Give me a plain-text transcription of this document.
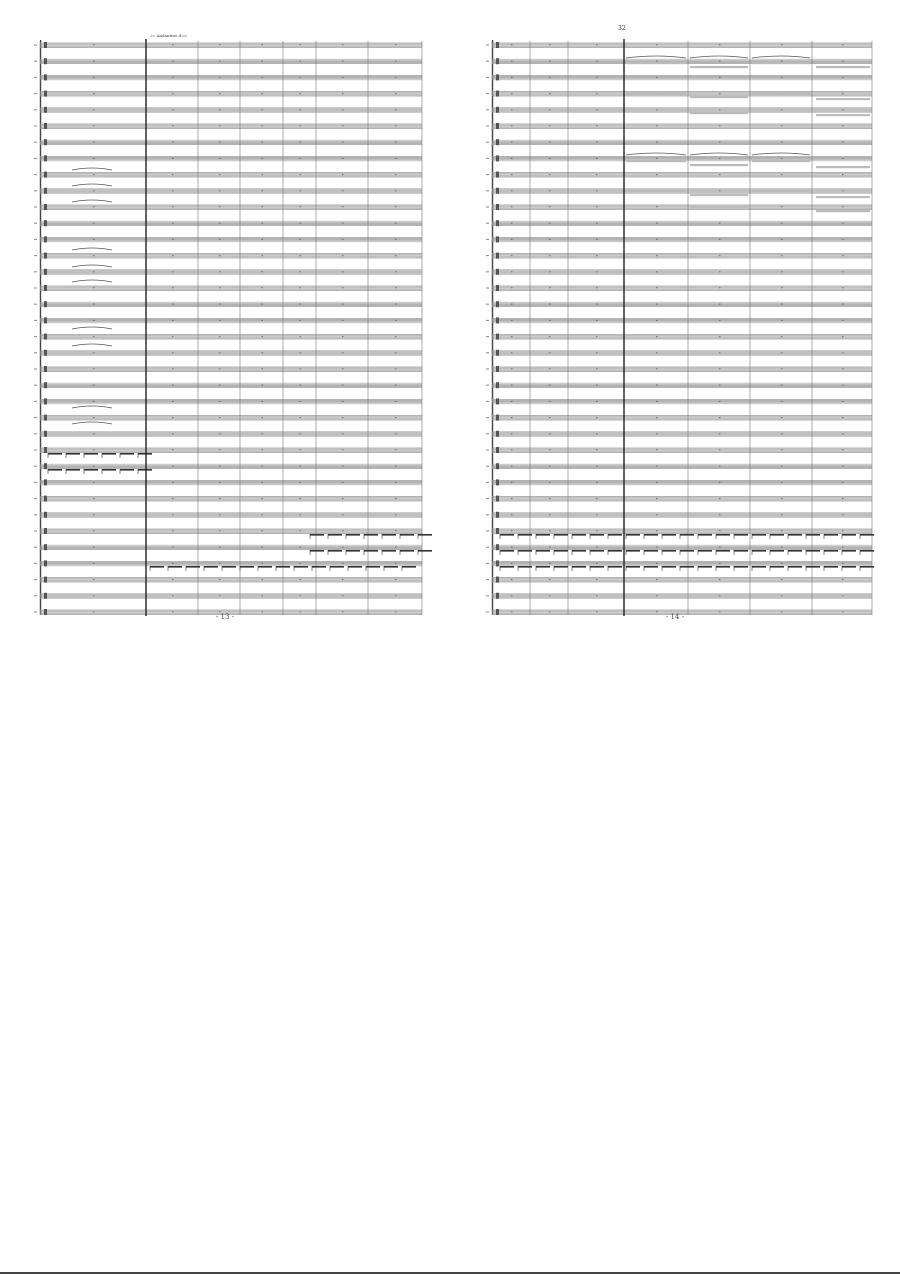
♩= Andantino d=c
- 13 -	- 14 -
32
